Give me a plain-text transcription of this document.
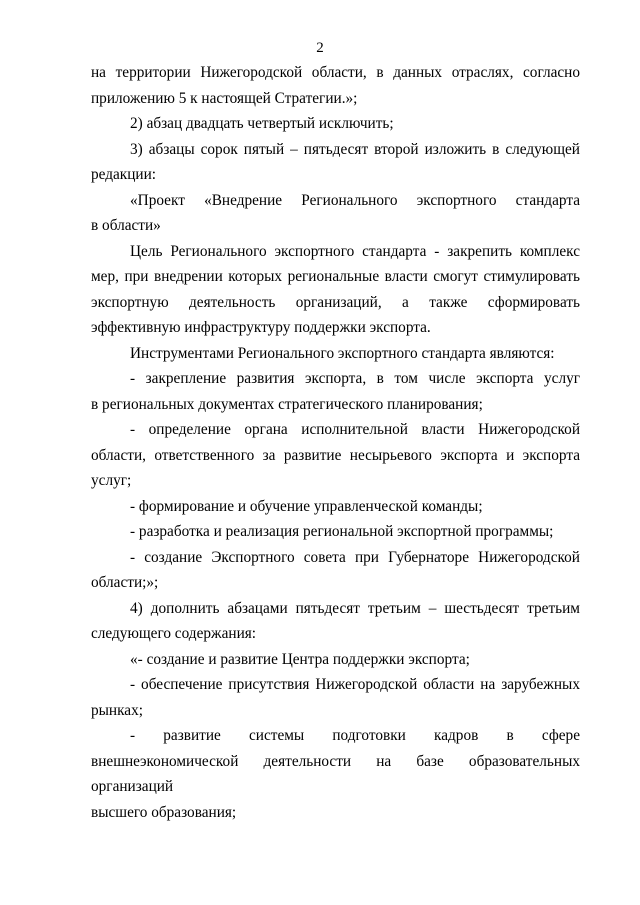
2
на территории Нижегородской области, в данных отраслях, согласно
приложению 5 к настоящей Стратегии.»;
2) абзац двадцать четвертый исключить;
3) абзацы сорок пятый – пятьдесят второй изложить в следующей
редакции:
«Проект «Внедрение Регионального экспортного стандарта
в области»
Цель Регионального экспортного стандарта - закрепить комплекс
мер, при внедрении которых региональные власти смогут стимулировать
экспортную деятельность организаций, а также сформировать
эффективную инфраструктуру поддержки экспорта.
Инструментами Регионального экспортного стандарта являются:
- закрепление развития экспорта, в том числе экспорта услуг
в региональных документах стратегического планирования;
- определение органа исполнительной власти Нижегородской
области, ответственного за развитие несырьевого экспорта и экспорта
услуг;
- формирование и обучение управленческой команды;
- разработка и реализация региональной экспортной программы;
- создание Экспортного совета при Губернаторе Нижегородской
области;»;
4) дополнить абзацами пятьдесят третьим – шестьдесят третьим
следующего содержания:
«- создание и развитие Центра поддержки экспорта;
- обеспечение присутствия Нижегородской области на зарубежных
рынках;
- развитие системы подготовки кадров в сфере
внешнеэкономической деятельности на базе образовательных организаций
высшего образования;
